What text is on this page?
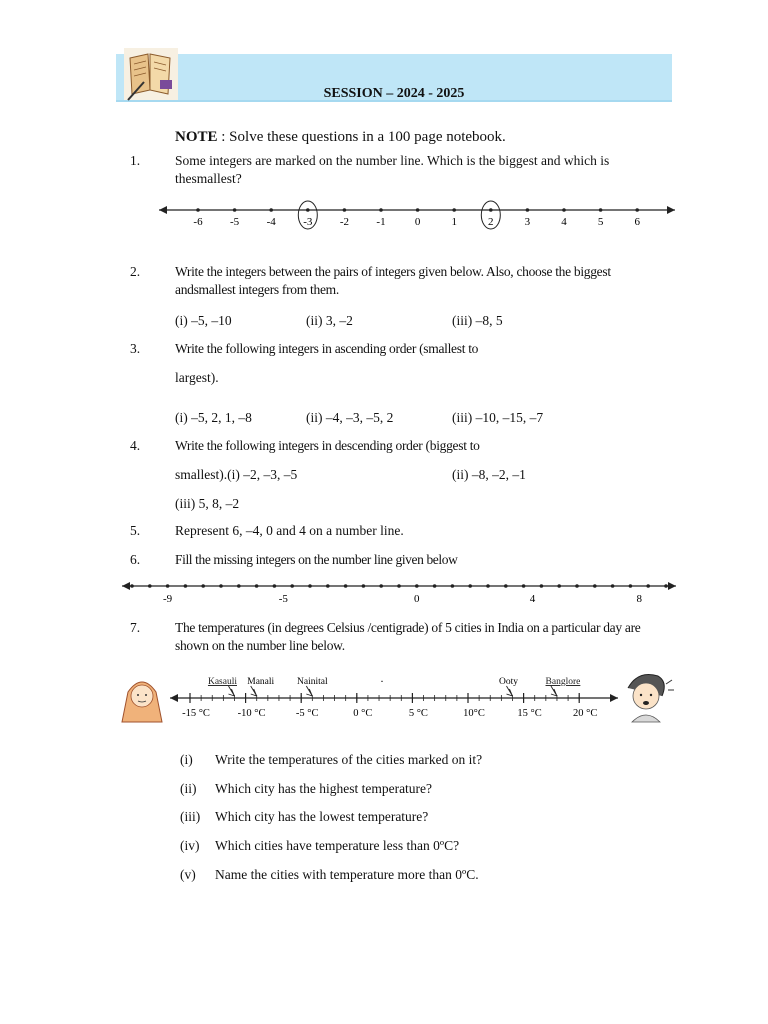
SESSION – 2024 - 2025
NOTE : Solve these questions in a 100 page notebook.
1.	Some integers are marked on the number line. Which is the biggest and which is thesmallest?
-6 -5 -4 -3 -2 -1	0	1	2	3	4	5	6
2.	Write the integers between the pairs of integers given below. Also, choose the biggest andsmallest integers from them.
(i) –5, –10	(ii) 3, –2	(iii) –8, 5
3.	Write the following integers in ascending order (smallest to
largest).
(i) –5, 2, 1, –8	(ii) –4, –3, –5, 2	(iii) –10, –15, –7
4.	Write the following integers in descending order (biggest to
smallest).(i) –2, –3, –5	(ii) –8, –2, –1
(iii) 5, 8, –2
5.	Represent 6, –4, 0 and 4 on a number line.
6.	Fill the missing integers on the number line given below
-9	-5	0	4	8
7.	The temperatures (in degrees Celsius /centigrade) of 5 cities in India on a particular day are shown on the number line below.
-15 °C	-10 °C	-5 °C	0 °C	5 °C	10°C	15 °C	20 °C
Kasauli Manali Nainital	Ooty	Banglore
·
(i) Write the temperatures of the cities marked on it?
(ii) Which city has the highest temperature?
(iii) Which city has the lowest temperature?
(iv) Which cities have temperature less than 0ºC?
(v) Name the cities with temperature more than 0ºC.
